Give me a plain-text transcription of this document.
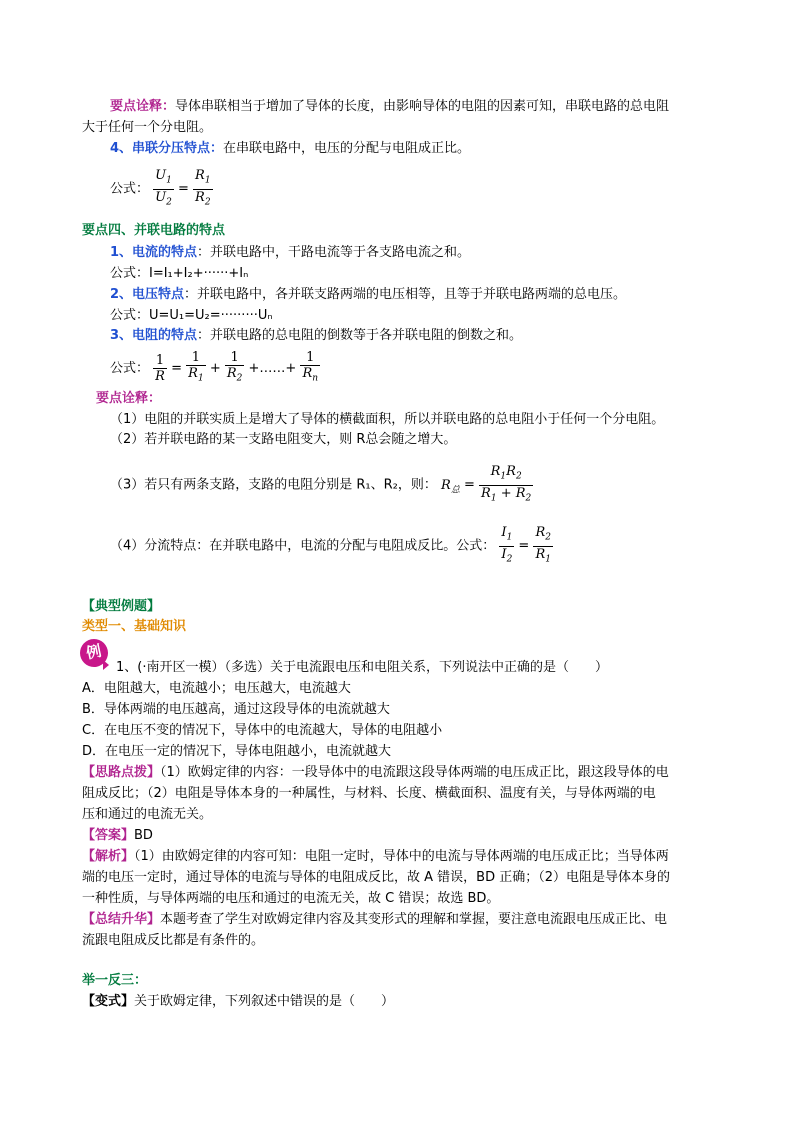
要点诠释：导体串联相当于增加了导体的长度，由影响导体的电阻的因素可知，串联电路的总电阻
大于任何一个分电阻。
4、串联分压特点：在串联电路中，电压的分配与电阻成正比。
公式： $\frac{U_1}{U_2} = \frac{R_1}{R_2}$
要点四、并联电路的特点
1、电流的特点：并联电路中，干路电流等于各支路电流之和。
公式：I=I₁+I₂+······+Iₙ
2、电压特点：并联电路中，各并联支路两端的电压相等，且等于并联电路两端的总电压。
公式：U=U₁=U₂=·········Uₙ
3、电阻的特点：并联电路的总电阻的倒数等于各并联电阻的倒数之和。
公式： $\frac{1}{R} = \frac{1}{R_1} + \frac{1}{R_2}$ +……+ $\frac{1}{R_n}$
要点诠释：
（1）电阻的并联实质上是增大了导体的横截面积，所以并联电路的总电阻小于任何一个分电阻。
（2）若并联电路的某一支路电阻变大，则 R总会随之增大。
（3）若只有两条支路，支路的电阻分别是 R₁、R₂，则： $R_总 = \frac{R_1R_2}{R_1 + R_2}$
（4）分流特点：在并联电路中，电流的分配与电阻成反比。公式： $\frac{I_1}{I_2} = \frac{R_2}{R_1}$
【典型例题】
类型一、基础知识
例
1、(·南开区一模）（多选）关于电流跟电压和电阻关系，下列说法中正确的是（　　）
A．电阻越大，电流越小；电压越大，电流越大
B．导体两端的电压越高，通过这段导体的电流就越大
C．在电压不变的情况下，导体中的电流越大，导体的电阻越小
D．在电压一定的情况下，导体电阻越小，电流就越大
【思路点拨】（1）欧姆定律的内容：一段导体中的电流跟这段导体两端的电压成正比，跟这段导体的电
阻成反比；（2）电阻是导体本身的一种属性，与材料、长度、横截面积、温度有关，与导体两端的电
压和通过的电流无关。
【答案】BD
【解析】（1）由欧姆定律的内容可知：电阻一定时，导体中的电流与导体两端的电压成正比；当导体两
端的电压一定时，通过导体的电流与导体的电阻成反比，故 A 错误，BD 正确；（2）电阻是导体本身的
一种性质，与导体两端的电压和通过的电流无关，故 C 错误；故选 BD。
【总结升华】本题考查了学生对欧姆定律内容及其变形式的理解和掌握，要注意电流跟电压成正比、电
流跟电阻成反比都是有条件的。
举一反三：
【变式】关于欧姆定律，下列叙述中错误的是（　　）
